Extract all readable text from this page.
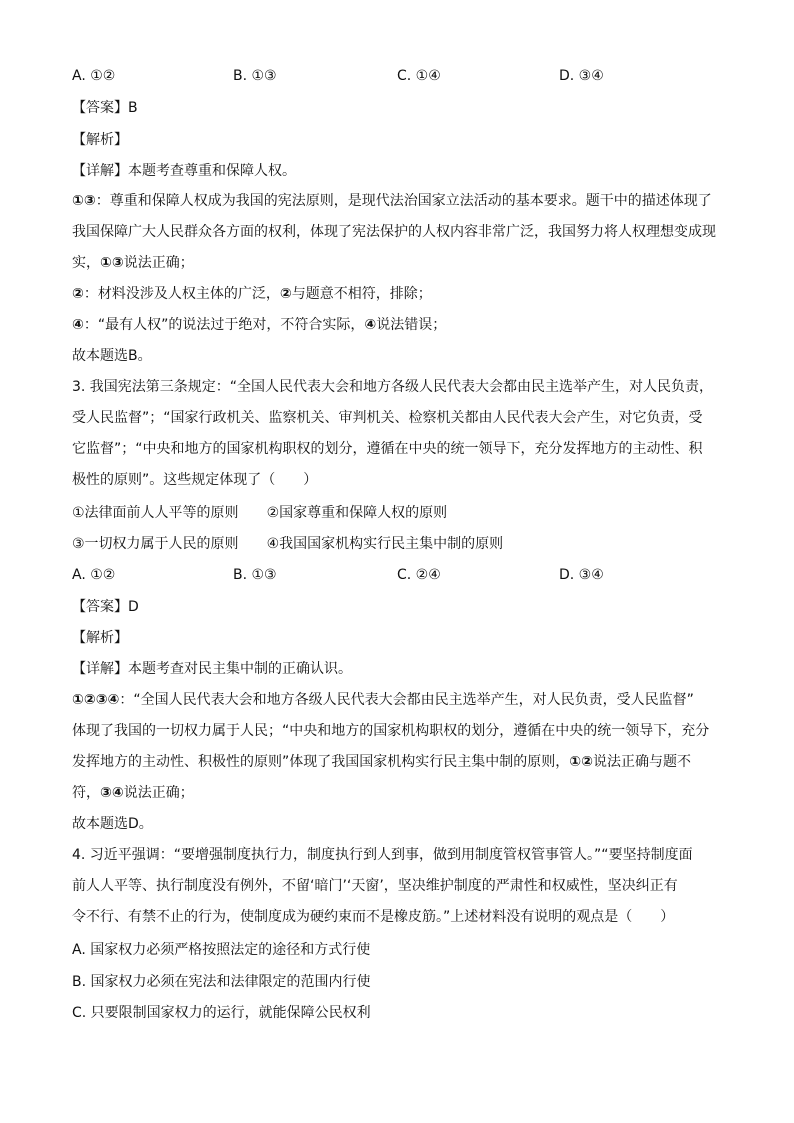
A. ①②	B. ①③	C. ①④	D. ③④
【答案】B
【解析】
【详解】本题考查尊重和保障人权。
①③：尊重和保障人权成为我国的宪法原则，是现代法治国家立法活动的基本要求。题干中的描述体现了
我国保障广大人民群众各方面的权利，体现了宪法保护的人权内容非常广泛，我国努力将人权理想变成现
实，①③说法正确；
②：材料没涉及人权主体的广泛，②与题意不相符，排除；
④：“最有人权”的说法过于绝对，不符合实际，④说法错误；
故本题选B。
3. 我国宪法第三条规定：“全国人民代表大会和地方各级人民代表大会都由民主选举产生，对人民负责，
受人民监督”；“国家行政机关、监察机关、审判机关、检察机关都由人民代表大会产生，对它负责，受
它监督”；“中央和地方的国家机构职权的划分，遵循在中央的统一领导下，充分发挥地方的主动性、积
极性的原则”。这些规定体现了（　　）
①法律面前人人平等的原则 ②国家尊重和保障人权的原则
③一切权力属于人民的原则 ④我国国家机构实行民主集中制的原则
A. ①②	B. ①③	C. ②④	D. ③④
【答案】D
【解析】
【详解】本题考查对民主集中制的正确认识。
①②③④：“全国人民代表大会和地方各级人民代表大会都由民主选举产生，对人民负责，受人民监督”
体现了我国的一切权力属于人民；“中央和地方的国家机构职权的划分，遵循在中央的统一领导下，充分
发挥地方的主动性、积极性的原则”体现了我国国家机构实行民主集中制的原则，①②说法正确与题不
符，③④说法正确；
故本题选D。
4. 习近平强调：“要增强制度执行力，制度执行到人到事，做到用制度管权管事管人。”“要坚持制度面
前人人平等、执行制度没有例外，不留‘暗门’‘天窗’，坚决维护制度的严肃性和权威性，坚决纠正有
令不行、有禁不止的行为，使制度成为硬约束而不是橡皮筋。”上述材料没有说明的观点是（　　）
A. 国家权力必须严格按照法定的途径和方式行使
B. 国家权力必须在宪法和法律限定的范围内行使
C. 只要限制国家权力的运行，就能保障公民权利
